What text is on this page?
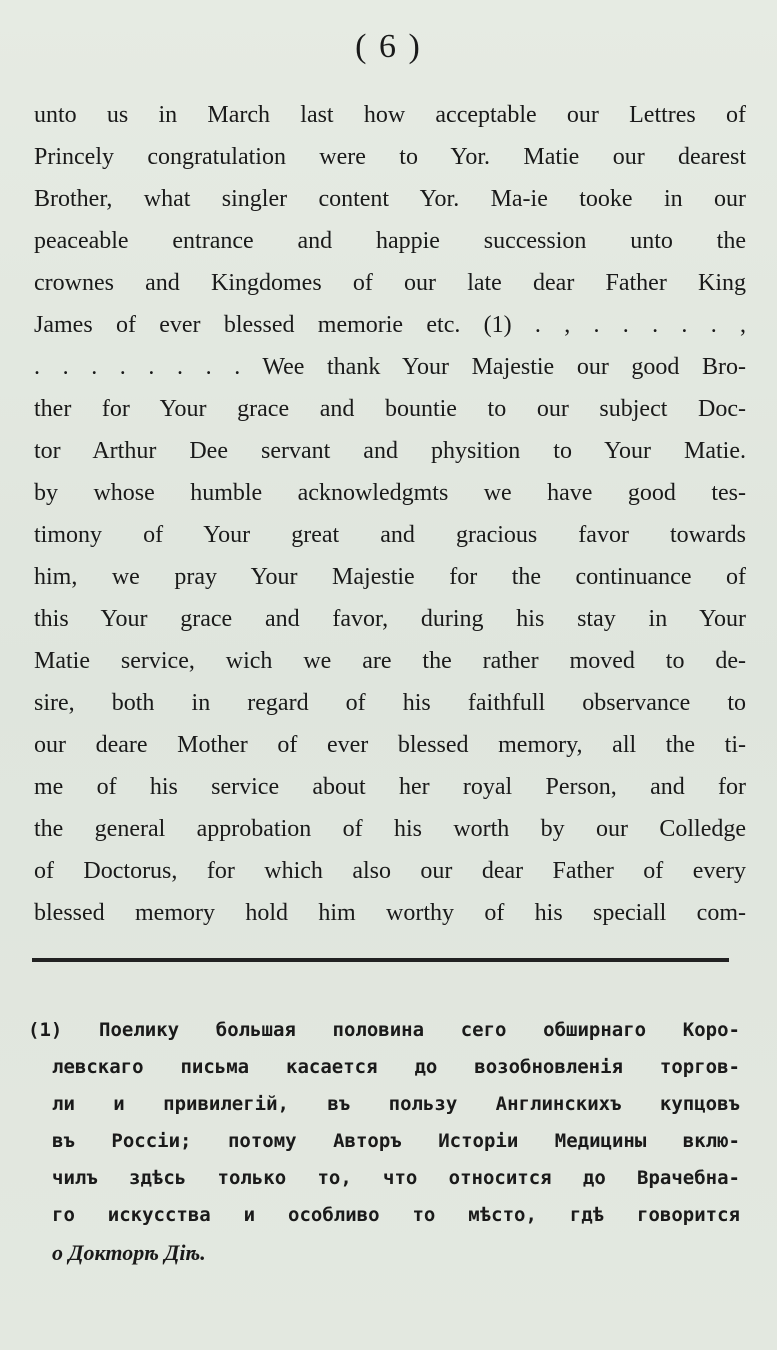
( 6 )
unto us in March last how acceptable our Lettres of
Princely congratulation were to Yor. Matie our dearest
Brother, what singler content Yor. Ma-ie tooke in our
peaceable entrance and happie succession unto the
crownes and Kingdomes of our late dear Father King
James of ever blessed memorie etc. (1) . , . . . . . ,
. . . . . . . . Wee thank Your Majestie our good Bro-
ther for Your grace and bountie to our subject Doc-
tor Arthur Dee servant and physition to Your Matie.
by whose humble acknowledgmts we have good tes-
timony of Your great and gracious favor towards
him, we pray Your Majestie for the continuance of
this Your grace and favor, during his stay in Your
Matie service, wich we are the rather moved to de-
sire, both in regard of his faithfull observance to
our deare Mother of ever blessed memory, all the ti-
me of his service about her royal Person, and for
the general approbation of his worth by our Colledge
of Doctorus, for which also our dear Father of every
blessed memory hold him worthy of his speciall com-
(1) Поелику большая половина сего обширнаго Коро-
левскаго письма касается до возобновленія торгов-
ли и привилегій, въ пользу Англинскихъ купцовъ
въ Россіи; потому Авторъ Исторіи Медицины вклю-
чилъ здѣсь только то, что относится до Врачебна-
го искусства и особливо то мѣсто, гдѣ говорится
о Докторѣ Діѣ.
